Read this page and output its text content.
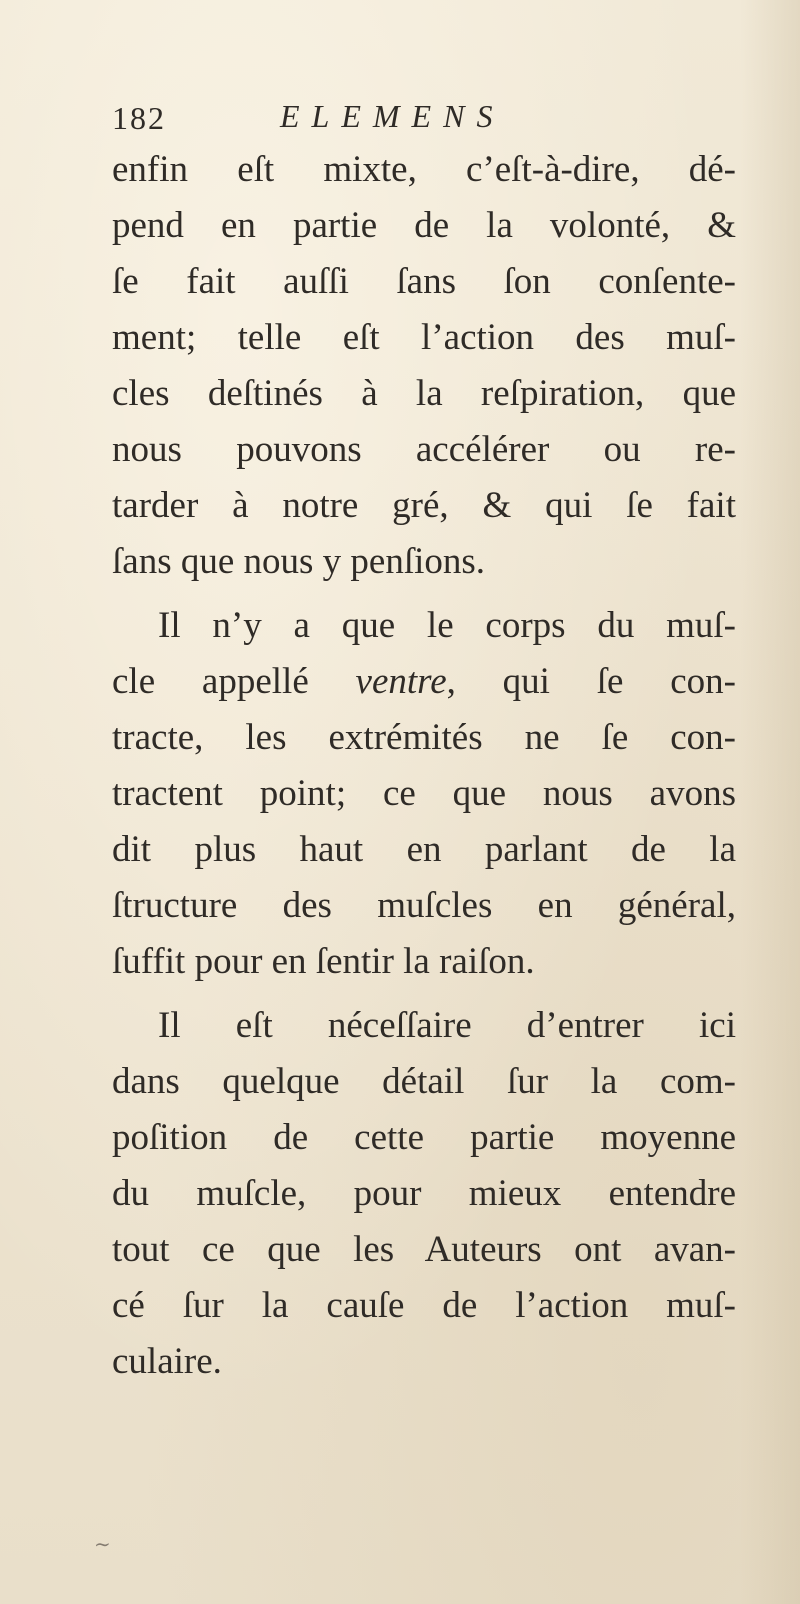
182	ELEMENS
enfin eſt mixte, c’eſt-à-dire, dé-
pend en partie de la volonté, &
ſe fait auſſi ſans ſon conſente-
ment; telle eſt l’action des muſ-
cles deſtinés à la reſpiration, que
nous pouvons accélérer ou re-
tarder à notre gré, & qui ſe fait
ſans que nous y penſions.
Il n’y a que le corps du muſ-
cle appellé ventre, qui ſe con-
tracte, les extrémités ne ſe con-
tractent point; ce que nous avons
dit plus haut en parlant de la
ſtructure des muſcles en général,
ſuffit pour en ſentir la raiſon.
Il eſt néceſſaire d’entrer ici
dans quelque détail ſur la com-
poſition de cette partie moyenne
du muſcle, pour mieux entendre
tout ce que les Auteurs ont avan-
cé ſur la cauſe de l’action muſ-
culaire.
∼
